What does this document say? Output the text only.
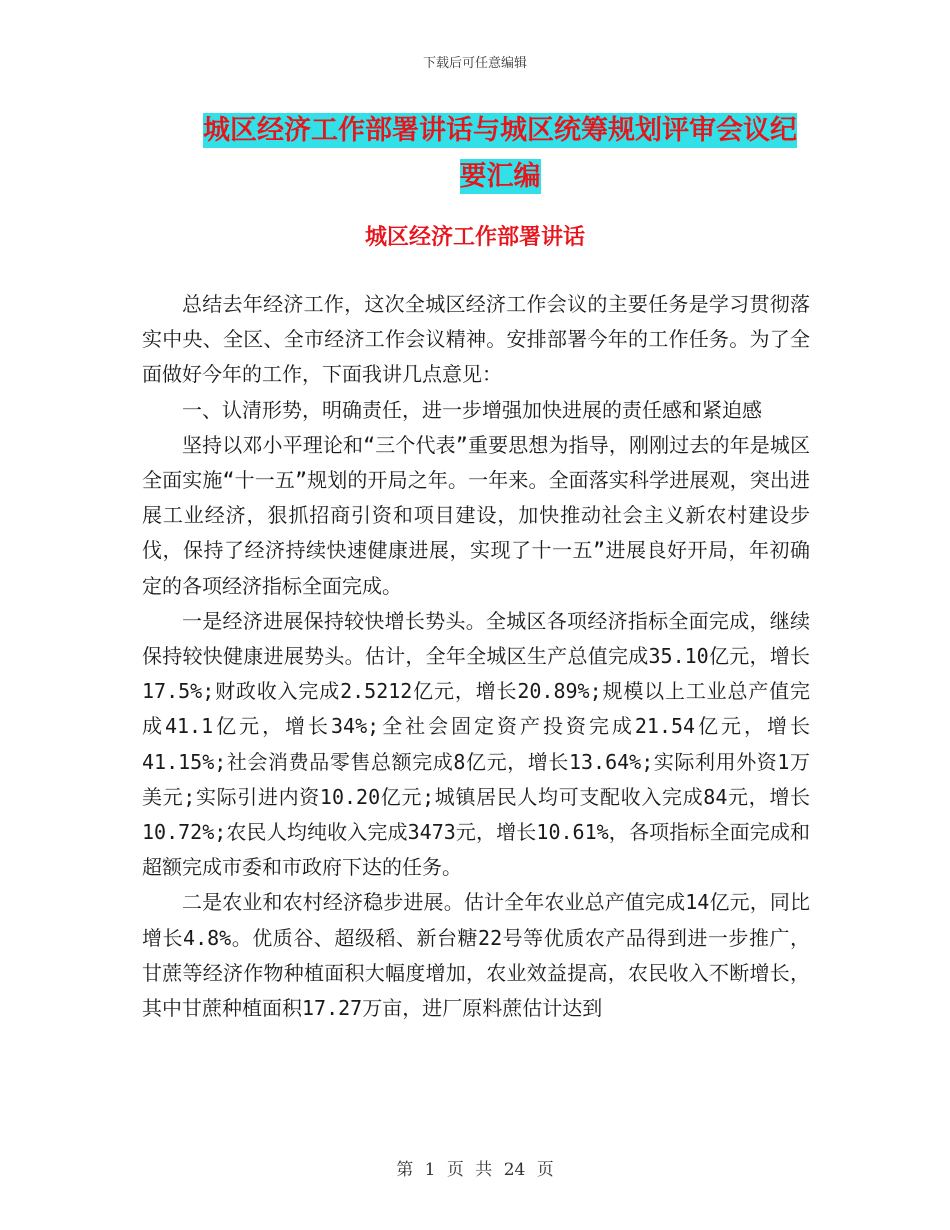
下载后可任意编辑
城区经济工作部署讲话与城区统筹规划评审会议纪要汇编
城区经济工作部署讲话

总结去年经济工作，这次全城区经济工作会议的主要任务是学习贯彻落实中央、全区、全市经济工作会议精神。安排部署今年的工作任务。为了全面做好今年的工作，下面我讲几点意见：

一、认清形势，明确责任，进一步增强加快进展的责任感和紧迫感

坚持以邓小平理论和“三个代表”重要思想为指导，刚刚过去的年是城区全面实施“十一五”规划的开局之年。一年来。全面落实科学进展观，突出进展工业经济，狠抓招商引资和项目建设，加快推动社会主义新农村建设步伐，保持了经济持续快速健康进展，实现了十一五”进展良好开局，年初确定的各项经济指标全面完成。

一是经济进展保持较快增长势头。全城区各项经济指标全面完成，继续保持较快健康进展势头。估计，全年全城区生产总值完成35.10亿元，增长17.5%;财政收入完成2.5212亿元，增长20.89%;规模以上工业总产值完成41.1亿元，增长34%;全社会固定资产投资完成21.54亿元，增长41.15%;社会消费品零售总额完成8亿元，增长13.64%;实际利用外资1万美元;实际引进内资10.20亿元;城镇居民人均可支配收入完成84元，增长10.72%;农民人均纯收入完成3473元，增长10.61%，各项指标全面完成和超额完成市委和市政府下达的任务。

二是农业和农村经济稳步进展。估计全年农业总产值完成14亿元，同比增长4.8%。优质谷、超级稻、新台糖22号等优质农产品得到进一步推广，甘蔗等经济作物种植面积大幅度增加，农业效益提高，农民收入不断增长，其中甘蔗种植面积17.27万亩，进厂原料蔗估计达到

第 1 页 共 24 页
